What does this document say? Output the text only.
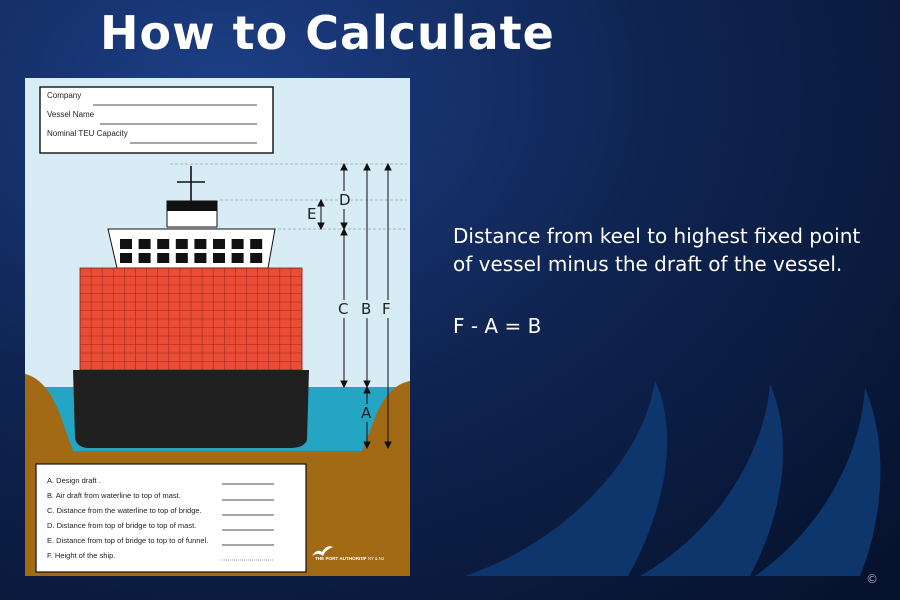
How to Calculate
Company
Vessel Name
Nominal TEU Capacity
D
E
C B F
A
A. Design draft .
B. Air draft from waterline to top of mast.
C. Distance from the waterline to top of bridge.
D. Distance from top of bridge to top of mast.
E. Distance from top of bridge to top to of funnel.
F. Height of the ship.	THE PORT AUTHORITY
OF NY & NJ

Distance from keel to highest fixed point

of vessel minus the draft of the vessel.

F - A = B

©
